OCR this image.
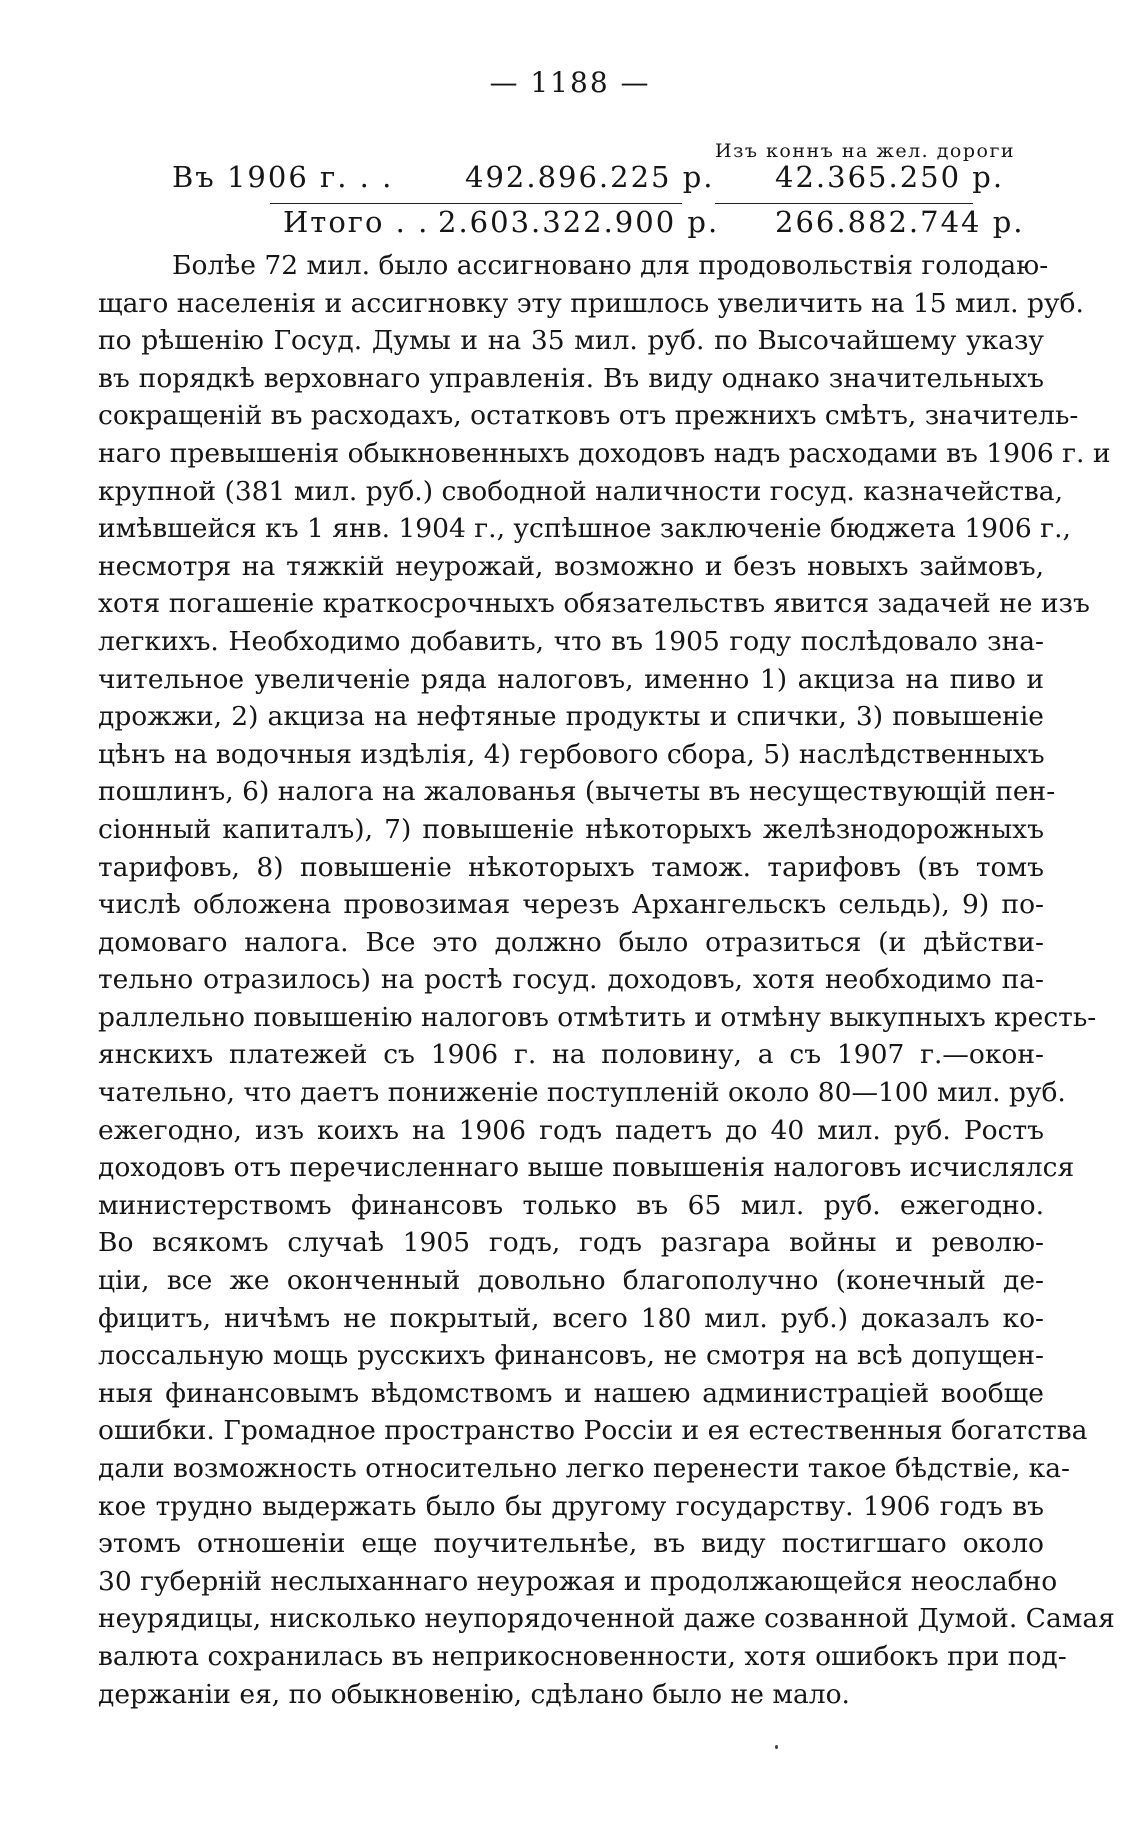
— 1188 —
Изъ коннъ на жел. дороги
Въ 1906 г. . . 492.896.225 р. 42.365.250 р.
Итого . . 2.603.322.900 р. 266.882.744 р.
Болѣе 72 мил. было ассигновано для продовольствія голодаю-
щаго населенія и ассигновку эту пришлось увеличить на 15 мил. руб.
по рѣшенію Госуд. Думы и на 35 мил. руб. по Высочайшему указу
въ порядкѣ верховнаго управленія. Въ виду однако значительныхъ
сокращеній въ расходахъ, остатковъ отъ прежнихъ смѣтъ, значитель-
наго превышенія обыкновенныхъ доходовъ надъ расходами въ 1906 г. и
крупной (381 мил. руб.) свободной наличности госуд. казначейства,
имѣвшейся къ 1 янв. 1904 г., успѣшное заключеніе бюджета 1906 г.,
несмотря на тяжкій неурожай, возможно и безъ новыхъ займовъ,
хотя погашеніе краткосрочныхъ обязательствъ явится задачей не изъ
легкихъ. Необходимо добавить, что въ 1905 году послѣдовало зна-
чительное увеличеніе ряда налоговъ, именно 1) акциза на пиво и
дрожжи, 2) акциза на нефтяные продукты и спички, 3) повышеніе
цѣнъ на водочныя издѣлія, 4) гербового сбора, 5) наслѣдственныхъ
пошлинъ, 6) налога на жалованья (вычеты въ несуществующій пен-
сіонный капиталъ), 7) повышеніе нѣкоторыхъ желѣзнодорожныхъ
тарифовъ, 8) повышеніе нѣкоторыхъ тамож. тарифовъ (въ томъ
числѣ обложена провозимая черезъ Архангельскъ сельдь), 9) по-
домоваго налога. Все это должно было отразиться (и дѣйстви-
тельно отразилось) на ростѣ госуд. доходовъ, хотя необходимо па-
раллельно повышенію налоговъ отмѣтить и отмѣну выкупныхъ кресть-
янскихъ платежей съ 1906 г. на половину, а съ 1907 г.—окон-
чательно, что даетъ пониженіе поступленій около 80—100 мил. руб.
ежегодно, изъ коихъ на 1906 годъ падетъ до 40 мил. руб. Ростъ
доходовъ отъ перечисленнаго выше повышенія налоговъ исчислялся
министерствомъ финансовъ только въ 65 мил. руб. ежегодно.
Во всякомъ случаѣ 1905 годъ, годъ разгара войны и револю-
ціи, все же оконченный довольно благополучно (конечный де-
фицитъ, ничѣмъ не покрытый, всего 180 мил. руб.) доказалъ ко-
лоссальную мощь русскихъ финансовъ, не смотря на всѣ допущен-
ныя финансовымъ вѣдомствомъ и нашею администраціей вообще
ошибки. Громадное пространство Россіи и ея естественныя богатства
дали возможность относительно легко перенести такое бѣдствіе, ка-
кое трудно выдержать было бы другому государству. 1906 годъ въ
этомъ отношеніи еще поучительнѣе, въ виду постигшаго около
30 губерній неслыханнаго неурожая и продолжающейся неослабно
неурядицы, нисколько неупорядоченной даже созванной Думой. Самая
валюта сохранилась въ неприкосновенности, хотя ошибокъ при под-
держаніи ея, по обыкновенію, сдѣлано было не мало.
